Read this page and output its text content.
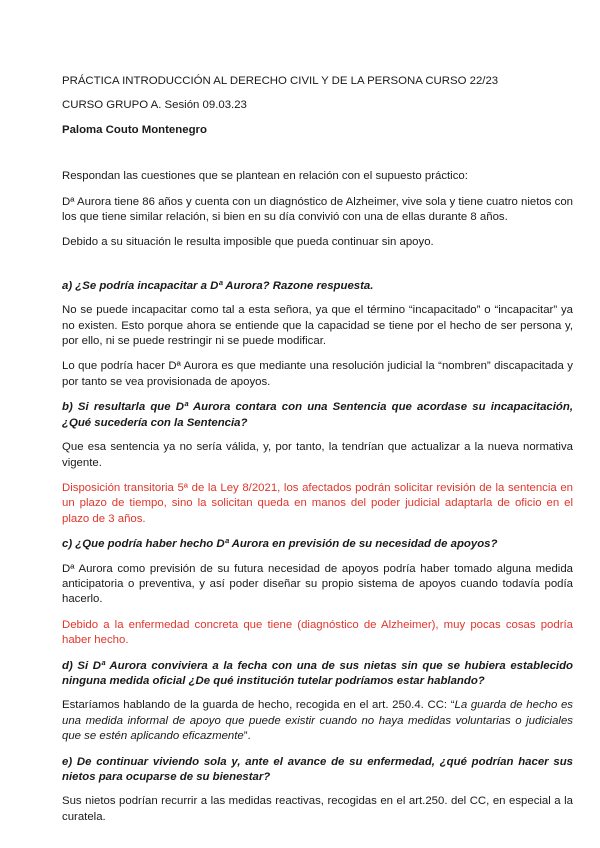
PRÁCTICA INTRODUCCIÓN AL DERECHO CIVIL Y DE LA PERSONA CURSO 22/23
CURSO GRUPO A. Sesión 09.03.23
Paloma Couto Montenegro
Respondan las cuestiones que se plantean en relación con el supuesto práctico:
Dª Aurora tiene 86 años y cuenta con un diagnóstico de Alzheimer, vive sola y tiene cuatro nietos con los que tiene similar relación, si bien en su día convivió con una de ellas durante 8 años.
Debido a su situación le resulta imposible que pueda continuar sin apoyo.
a) ¿Se podría incapacitar a Dª Aurora? Razone respuesta.
No se puede incapacitar como tal a esta señora, ya que el término “incapacitado” o “incapacitar” ya no existen. Esto porque ahora se entiende que la capacidad se tiene por el hecho de ser persona y, por ello, ni se puede restringir ni se puede modificar.
Lo que podría hacer Dª Aurora es que mediante una resolución judicial la “nombren” discapacitada y por tanto se vea provisionada de apoyos.
b) Si resultarla que Dª Aurora contara con una Sentencia que acordase su incapacitación, ¿Qué sucedería con la Sentencia?
Que esa sentencia ya no sería válida, y, por tanto, la tendrían que actualizar a la nueva normativa vigente.
Disposición transitoria 5ª de la Ley 8/2021, los afectados podrán solicitar revisión de la sentencia en un plazo de tiempo, sino la solicitan queda en manos del poder judicial adaptarla de oficio en el plazo de 3 años.
c) ¿Que podría haber hecho Dª Aurora en previsión de su necesidad de apoyos?
Dª Aurora como previsión de su futura necesidad de apoyos podría haber tomado alguna medida anticipatoria o preventiva, y así poder diseñar su propio sistema de apoyos cuando todavía podía hacerlo.
Debido a la enfermedad concreta que tiene (diagnóstico de Alzheimer), muy pocas cosas podría haber hecho.
d) Si Dª Aurora conviviera a la fecha con una de sus nietas sin que se hubiera establecido ninguna medida oficial ¿De qué institución tutelar podríamos estar hablando?
Estaríamos hablando de la guarda de hecho, recogida en el art. 250.4. CC: “La guarda de hecho es una medida informal de apoyo que puede existir cuando no haya medidas voluntarias o judiciales que se estén aplicando eficazmente”.
e) De continuar viviendo sola y, ante el avance de su enfermedad, ¿qué podrían hacer sus nietos para ocuparse de su bienestar?
Sus nietos podrían recurrir a las medidas reactivas, recogidas en el art.250. del CC, en especial a la curatela.
